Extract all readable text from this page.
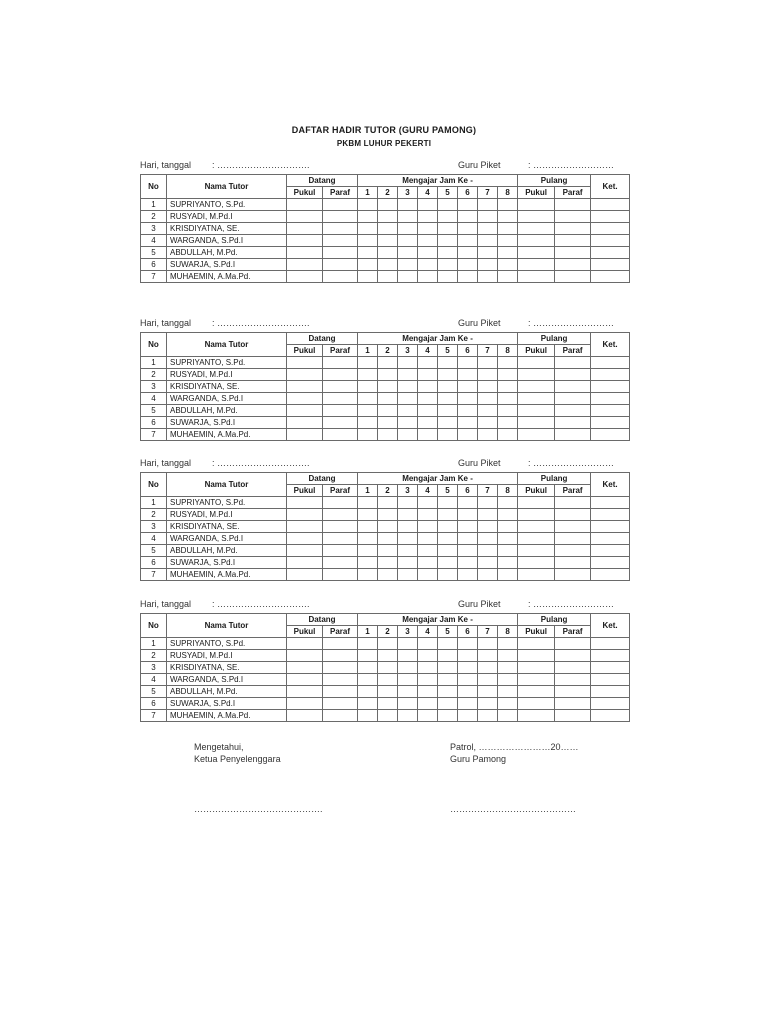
DAFTAR HADIR TUTOR (GURU PAMONG)
PKBM LUHUR PEKERTI
Hari, tanggal : ………………………….	Guru Piket	: ………………………
No	Nama Tutor	Datang		Mengajar Jam Ke -								Pulang		Ket.
		Pukul	Paraf	1	2	3	4	5	6	7	8	Pukul	Paraf	
1	SUPRIYANTO, S.Pd.													
2	RUSYADI, M.Pd.I													
3	KRISDIYATNA, SE.													
4	WARGANDA, S.Pd.I													
5	ABDULLAH, M.Pd.													
6	SUWARJA, S.Pd.I													
7	MUHAEMIN, A.Ma.Pd.													
Hari, tanggal : ………………………….	Guru Piket	: ………………………
No	Nama Tutor	Datang		Mengajar Jam Ke -								Pulang		Ket.
		Pukul	Paraf	1	2	3	4	5	6	7	8	Pukul	Paraf	
1	SUPRIYANTO, S.Pd.													
2	RUSYADI, M.Pd.I													
3	KRISDIYATNA, SE.													
4	WARGANDA, S.Pd.I													
5	ABDULLAH, M.Pd.													
6	SUWARJA, S.Pd.I													
7	MUHAEMIN, A.Ma.Pd.													
Hari, tanggal : ………………………….	Guru Piket	: ………………………
No	Nama Tutor	Datang		Mengajar Jam Ke -								Pulang		Ket.
		Pukul	Paraf	1	2	3	4	5	6	7	8	Pukul	Paraf	
1	SUPRIYANTO, S.Pd.													
2	RUSYADI, M.Pd.I													
3	KRISDIYATNA, SE.													
4	WARGANDA, S.Pd.I													
5	ABDULLAH, M.Pd.													
6	SUWARJA, S.Pd.I													
7	MUHAEMIN, A.Ma.Pd.													
Hari, tanggal : ………………………….	Guru Piket	: ………………………
No	Nama Tutor	Datang		Mengajar Jam Ke -								Pulang		Ket.
		Pukul	Paraf	1	2	3	4	5	6	7	8	Pukul	Paraf	
1	SUPRIYANTO, S.Pd.													
2	RUSYADI, M.Pd.I													
3	KRISDIYATNA, SE.													
4	WARGANDA, S.Pd.I													
5	ABDULLAH, M.Pd.													
6	SUWARJA, S.Pd.I													
7	MUHAEMIN, A.Ma.Pd.													
Mengetahui,
Ketua Penyelenggara
Patrol, ……………………20……
Guru Pamong
…………………………………….	……………………………………
